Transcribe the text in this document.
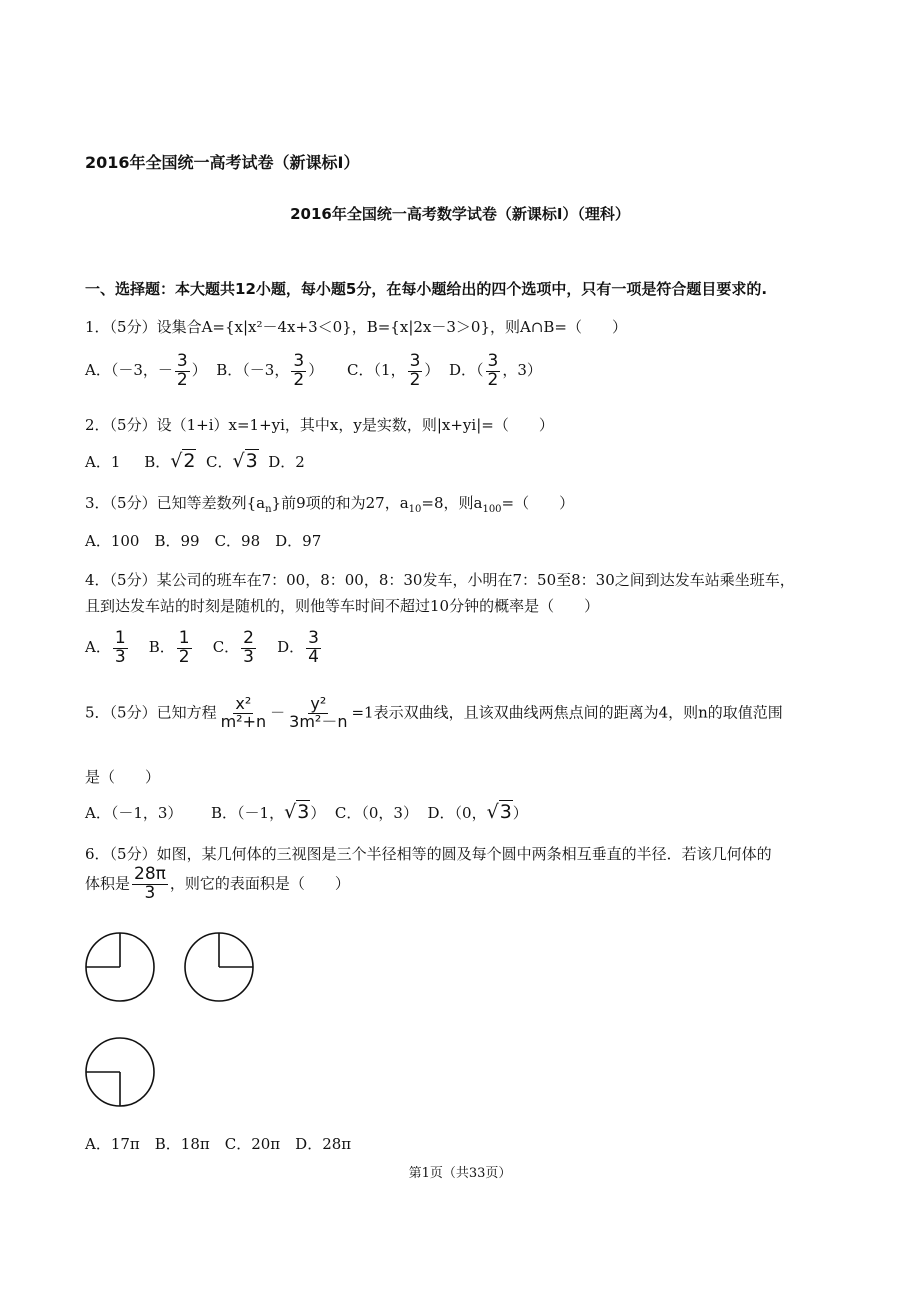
2016年全国统一高考试卷（新课标Ⅰ）
2016年全国统一高考数学试卷（新课标Ⅰ）（理科）
一、选择题：本大题共12小题，每小题5分，在每小题给出的四个选项中，只有一项是符合题目要求的.
1．（5分）设集合A={x|x²－4x+3＜0}，B={x|2x－3＞0}，则A∩B=（　　）
A．（－3，－ $\frac{3}{2}$ ） B．（－3， $\frac{3}{2}$ ） C．（1， $\frac{3}{2}$ ） D．（ $\frac{3}{2}$ ，3）
2．（5分）设（1+i）x=1+yi，其中x，y是实数，则|x+yi|=（　　）
A．1 B．√2 C．√3 D．2
3．（5分）已知等差数列$\{a_n\}$前9项的和为27，$a_{10}=8$，则$a_{100}=$（　　）
A．100　B．99　C．98　D．97
4．（5分）某公司的班车在7：00，8：00，8：30发车，小明在7：50至8：30之间到达发车站乘坐班车，
且到达发车站的时刻是随机的，则他等车时间不超过10分钟的概率是（　　）
A． $\frac{1}{3}$ B． $\frac{1}{2}$ C． $\frac{2}{3}$ D． $\frac{3}{4}$
5．（5分）已知方程 $\frac{\text{x²}}{\text{m²+n}} - \frac{\text{y²}}{\text{3m²－n}} =1$表示双曲线，且该双曲线两焦点间的距离为4，则n的取值范围
是（　　）
A．（－1，3） B．（－1，√3） C．（0，3） D．（0，√3）
6．（5分）如图，某几何体的三视图是三个半径相等的圆及每个圆中两条相互垂直的半径．若该几何体的
体积是 $\frac{28\pi}{3}$ ，则它的表面积是（　　）
A．17π　B．18π　C．20π　D．28π
第1页（共33页）
